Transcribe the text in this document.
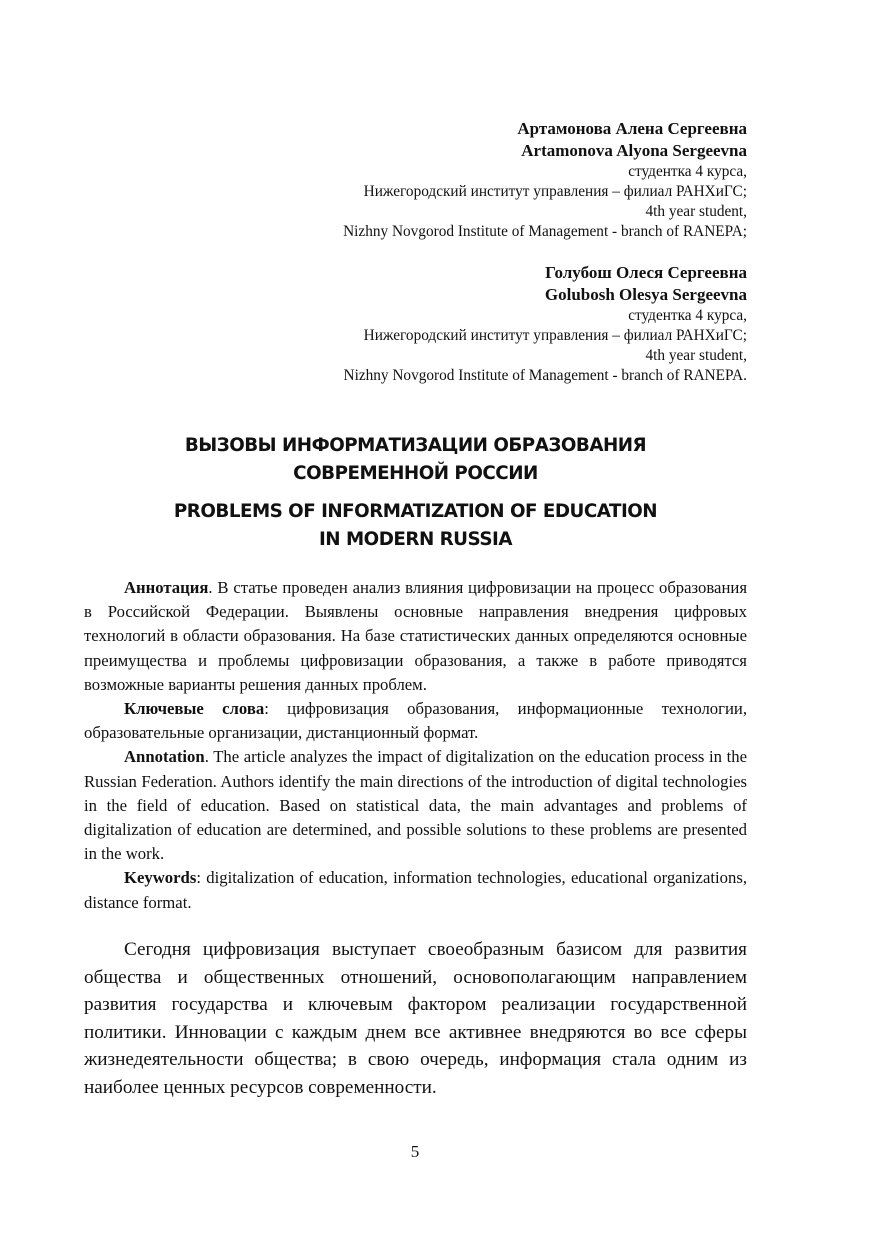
Артамонова Алена Сергеевна
Artamonova Alyona Sergeevna
студентка 4 курса,
Нижегородский институт управления – филиал РАНХиГС;
4th year student,
Nizhny Novgorod Institute of Management - branch of RANEPA;
Голубош Олеся Сергеевна
Golubosh Olesya Sergeevna
студентка 4 курса,
Нижегородский институт управления – филиал РАНХиГС;
4th year student,
Nizhny Novgorod Institute of Management - branch of RANEPA.
ВЫЗОВЫ ИНФОРМАТИЗАЦИИ ОБРАЗОВАНИЯ
СОВРЕМЕННОЙ РОССИИ
PROBLEMS OF INFORMATIZATION OF EDUCATION
IN MODERN RUSSIA

Аннотация. В статье проведен анализ влияния цифровизации на процесс образования в Российской Федерации. Выявлены основные направления внедрения цифровых технологий в области образования. На базе статистических данных определяются основные преимущества и проблемы цифровизации образования, а также в работе приводятся возможные варианты решения данных проблем.

Ключевые слова: цифровизация образования, информационные технологии, образовательные организации, дистанционный формат.

Annotation. The article analyzes the impact of digitalization on the education process in the Russian Federation. Authors identify the main directions of the introduction of digital technologies in the field of education. Based on statistical data, the main advantages and problems of digitalization of education are determined, and possible solutions to these problems are presented in the work.

Keywords: digitalization of education, information technologies, educational organizations, distance format.

Сегодня цифровизация выступает своеобразным базисом для развития общества и общественных отношений, основополагающим направлением развития государства и ключевым фактором реализации государственной политики. Инновации с каждым днем все активнее внедряются во все сферы жизнедеятельности общества; в свою очередь, информация стала одним из наиболее ценных ресурсов современности.

5
